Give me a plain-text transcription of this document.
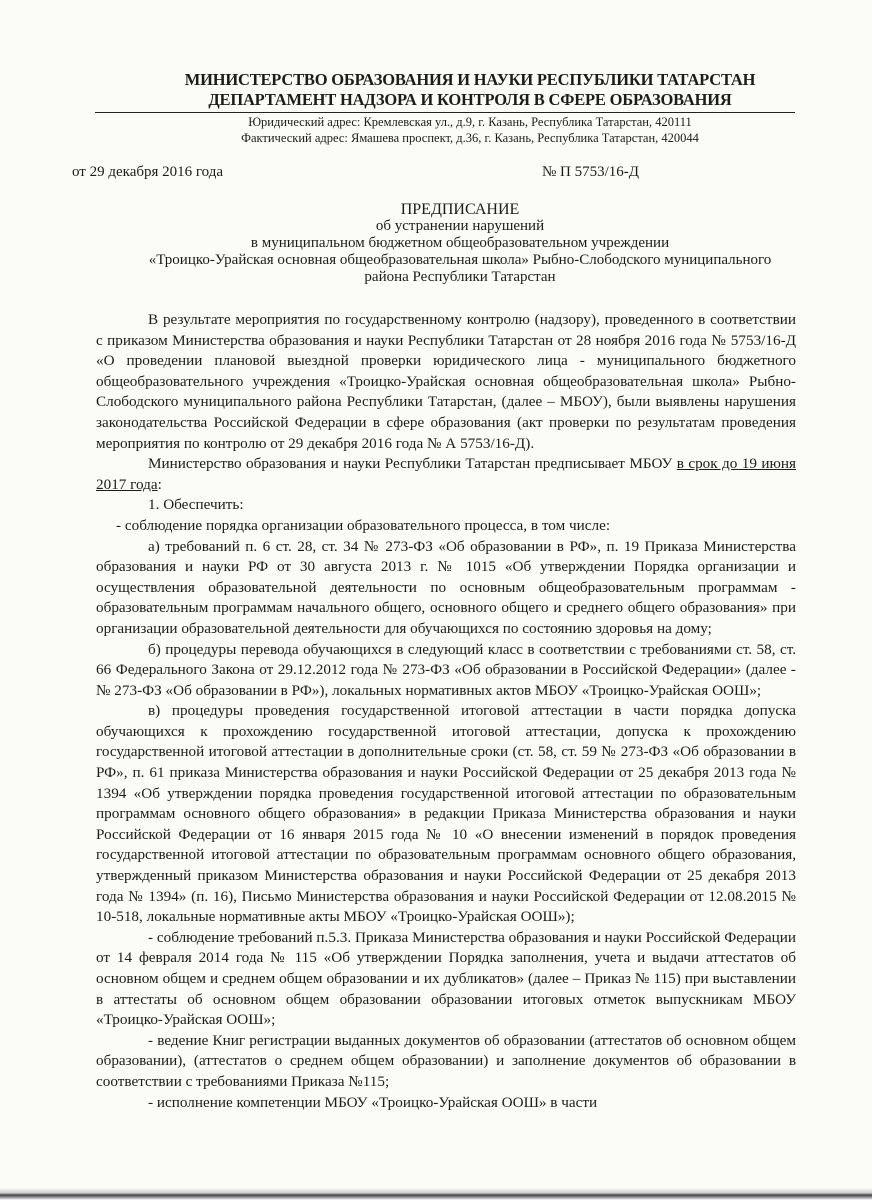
МИНИСТЕРСТВО ОБРАЗОВАНИЯ И НАУКИ РЕСПУБЛИКИ ТАТАРСТАН
ДЕПАРТАМЕНТ НАДЗОРА И КОНТРОЛЯ В СФЕРЕ ОБРАЗОВАНИЯ
Юридический адрес: Кремлевская ул., д.9, г. Казань, Республика Татарстан, 420111
Фактический адрес: Ямашева проспект, д.36, г. Казань, Республика Татарстан, 420044
от 29 декабря 2016 года	№ П 5753/16-Д
ПРЕДПИСАНИЕ
об устранении нарушений
в муниципальном бюджетном общеобразовательном учреждении
«Троицко-Урайская основная общеобразовательная школа» Рыбно-Слободского муниципального
района Республики Татарстан

В результате мероприятия по государственному контролю (надзору), проведенного в соответствии с приказом Министерства образования и науки Республики Татарстан от 28 ноября 2016 года № 5753/16-Д «О проведении плановой выездной проверки юридического лица - муниципального бюджетного общеобразовательного учреждения «Троицко-Урайская основная общеобразовательная школа» Рыбно-Слободского муниципального района Республики Татарстан, (далее – МБОУ), были выявлены нарушения законодательства Российской Федерации в сфере образования (акт проверки по результатам проведения мероприятия по контролю от 29 декабря 2016 года № А 5753/16-Д).

Министерство образования и науки Республики Татарстан предписывает МБОУ в срок до 19 июня 2017 года:

1. Обеспечить:

- соблюдение порядка организации образовательного процесса, в том числе:

а) требований п. 6 ст. 28, ст. 34 № 273-ФЗ «Об образовании в РФ», п. 19 Приказа Министерства образования и науки РФ от 30 августа 2013 г. № 1015 «Об утверждении Порядка организации и осуществления образовательной деятельности по основным общеобразовательным программам - образовательным программам начального общего, основного общего и среднего общего образования» при организации образовательной деятельности для обучающихся по состоянию здоровья на дому;

б) процедуры перевода обучающихся в следующий класс в соответствии с требованиями ст. 58, ст. 66 Федерального Закона от 29.12.2012 года № 273-ФЗ «Об образовании в Российской Федерации» (далее - № 273-ФЗ «Об образовании в РФ»), локальных нормативных актов МБОУ «Троицко-Урайская ООШ»;

в) процедуры проведения государственной итоговой аттестации в части порядка допуска обучающихся к прохождению государственной итоговой аттестации, допуска к прохождению государственной итоговой аттестации в дополнительные сроки (ст. 58, ст. 59 № 273-ФЗ «Об образовании в РФ», п. 61 приказа Министерства образования и науки Российской Федерации от 25 декабря 2013 года № 1394 «Об утверждении порядка проведения государственной итоговой аттестации по образовательным программам основного общего образования» в редакции Приказа Министерства образования и науки Российской Федерации от 16 января 2015 года № 10 «О внесении изменений в порядок проведения государственной итоговой аттестации по образовательным программам основного общего образования, утвержденный приказом Министерства образования и науки Российской Федерации от 25 декабря 2013 года № 1394» (п. 16), Письмо Министерства образования и науки Российской Федерации от 12.08.2015 № 10-518, локальные нормативные акты МБОУ «Троицко-Урайская ООШ»);

- соблюдение требований п.5.3. Приказа Министерства образования и науки Российской Федерации от 14 февраля 2014 года № 115 «Об утверждении Порядка заполнения, учета и выдачи аттестатов об основном общем и среднем общем образовании и их дубликатов» (далее – Приказ № 115) при выставлении в аттестаты об основном общем образовании образовании итоговых отметок выпускникам МБОУ «Троицко-Урайская ООШ»;

- ведение Книг регистрации выданных документов об образовании (аттестатов об основном общем образовании), (аттестатов о среднем общем образовании) и заполнение документов об образовании в соответствии с требованиями Приказа №115;

- исполнение компетенции МБОУ «Троицко-Урайская ООШ» в части
